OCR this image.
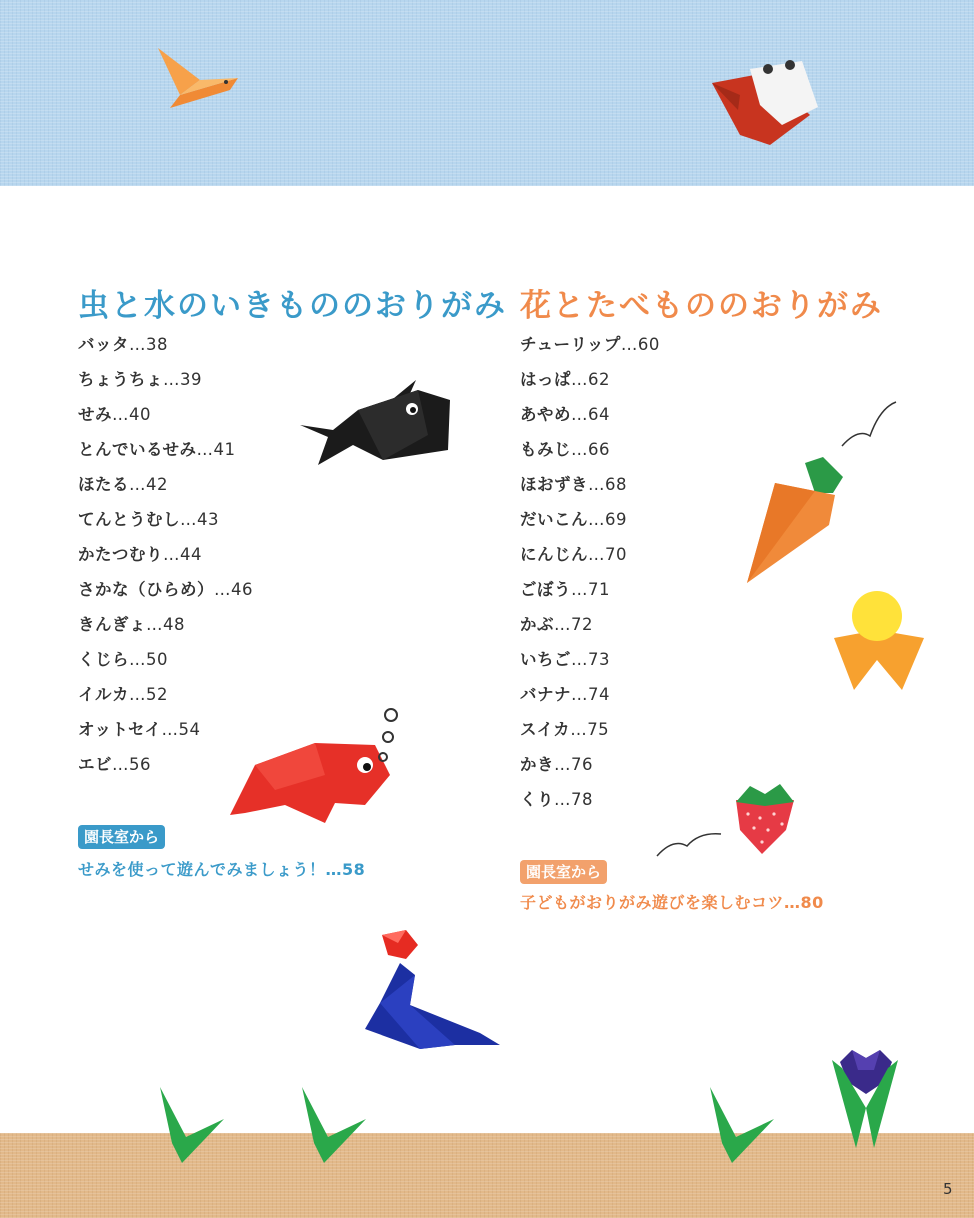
虫と水のいきもののおりがみ
バッタ…38
ちょうちょ…39
せみ…40
とんでいるせみ…41
ほたる…42
てんとうむし…43
かたつむり…44
さかな（ひらめ）…46
きんぎょ…48
くじら…50
イルカ…52
オットセイ…54
エビ…56
園長室から
せみを使って遊んでみましょう！…58
花とたべもののおりがみ
チューリップ…60
はっぱ…62
あやめ…64
もみじ…66
ほおずき…68
だいこん…69
にんじん…70
ごぼう…71
かぶ…72
いちご…73
バナナ…74
スイカ…75
かき…76
くり…78
園長室から
子どもがおりがみ遊びを楽しむコツ…80
5
